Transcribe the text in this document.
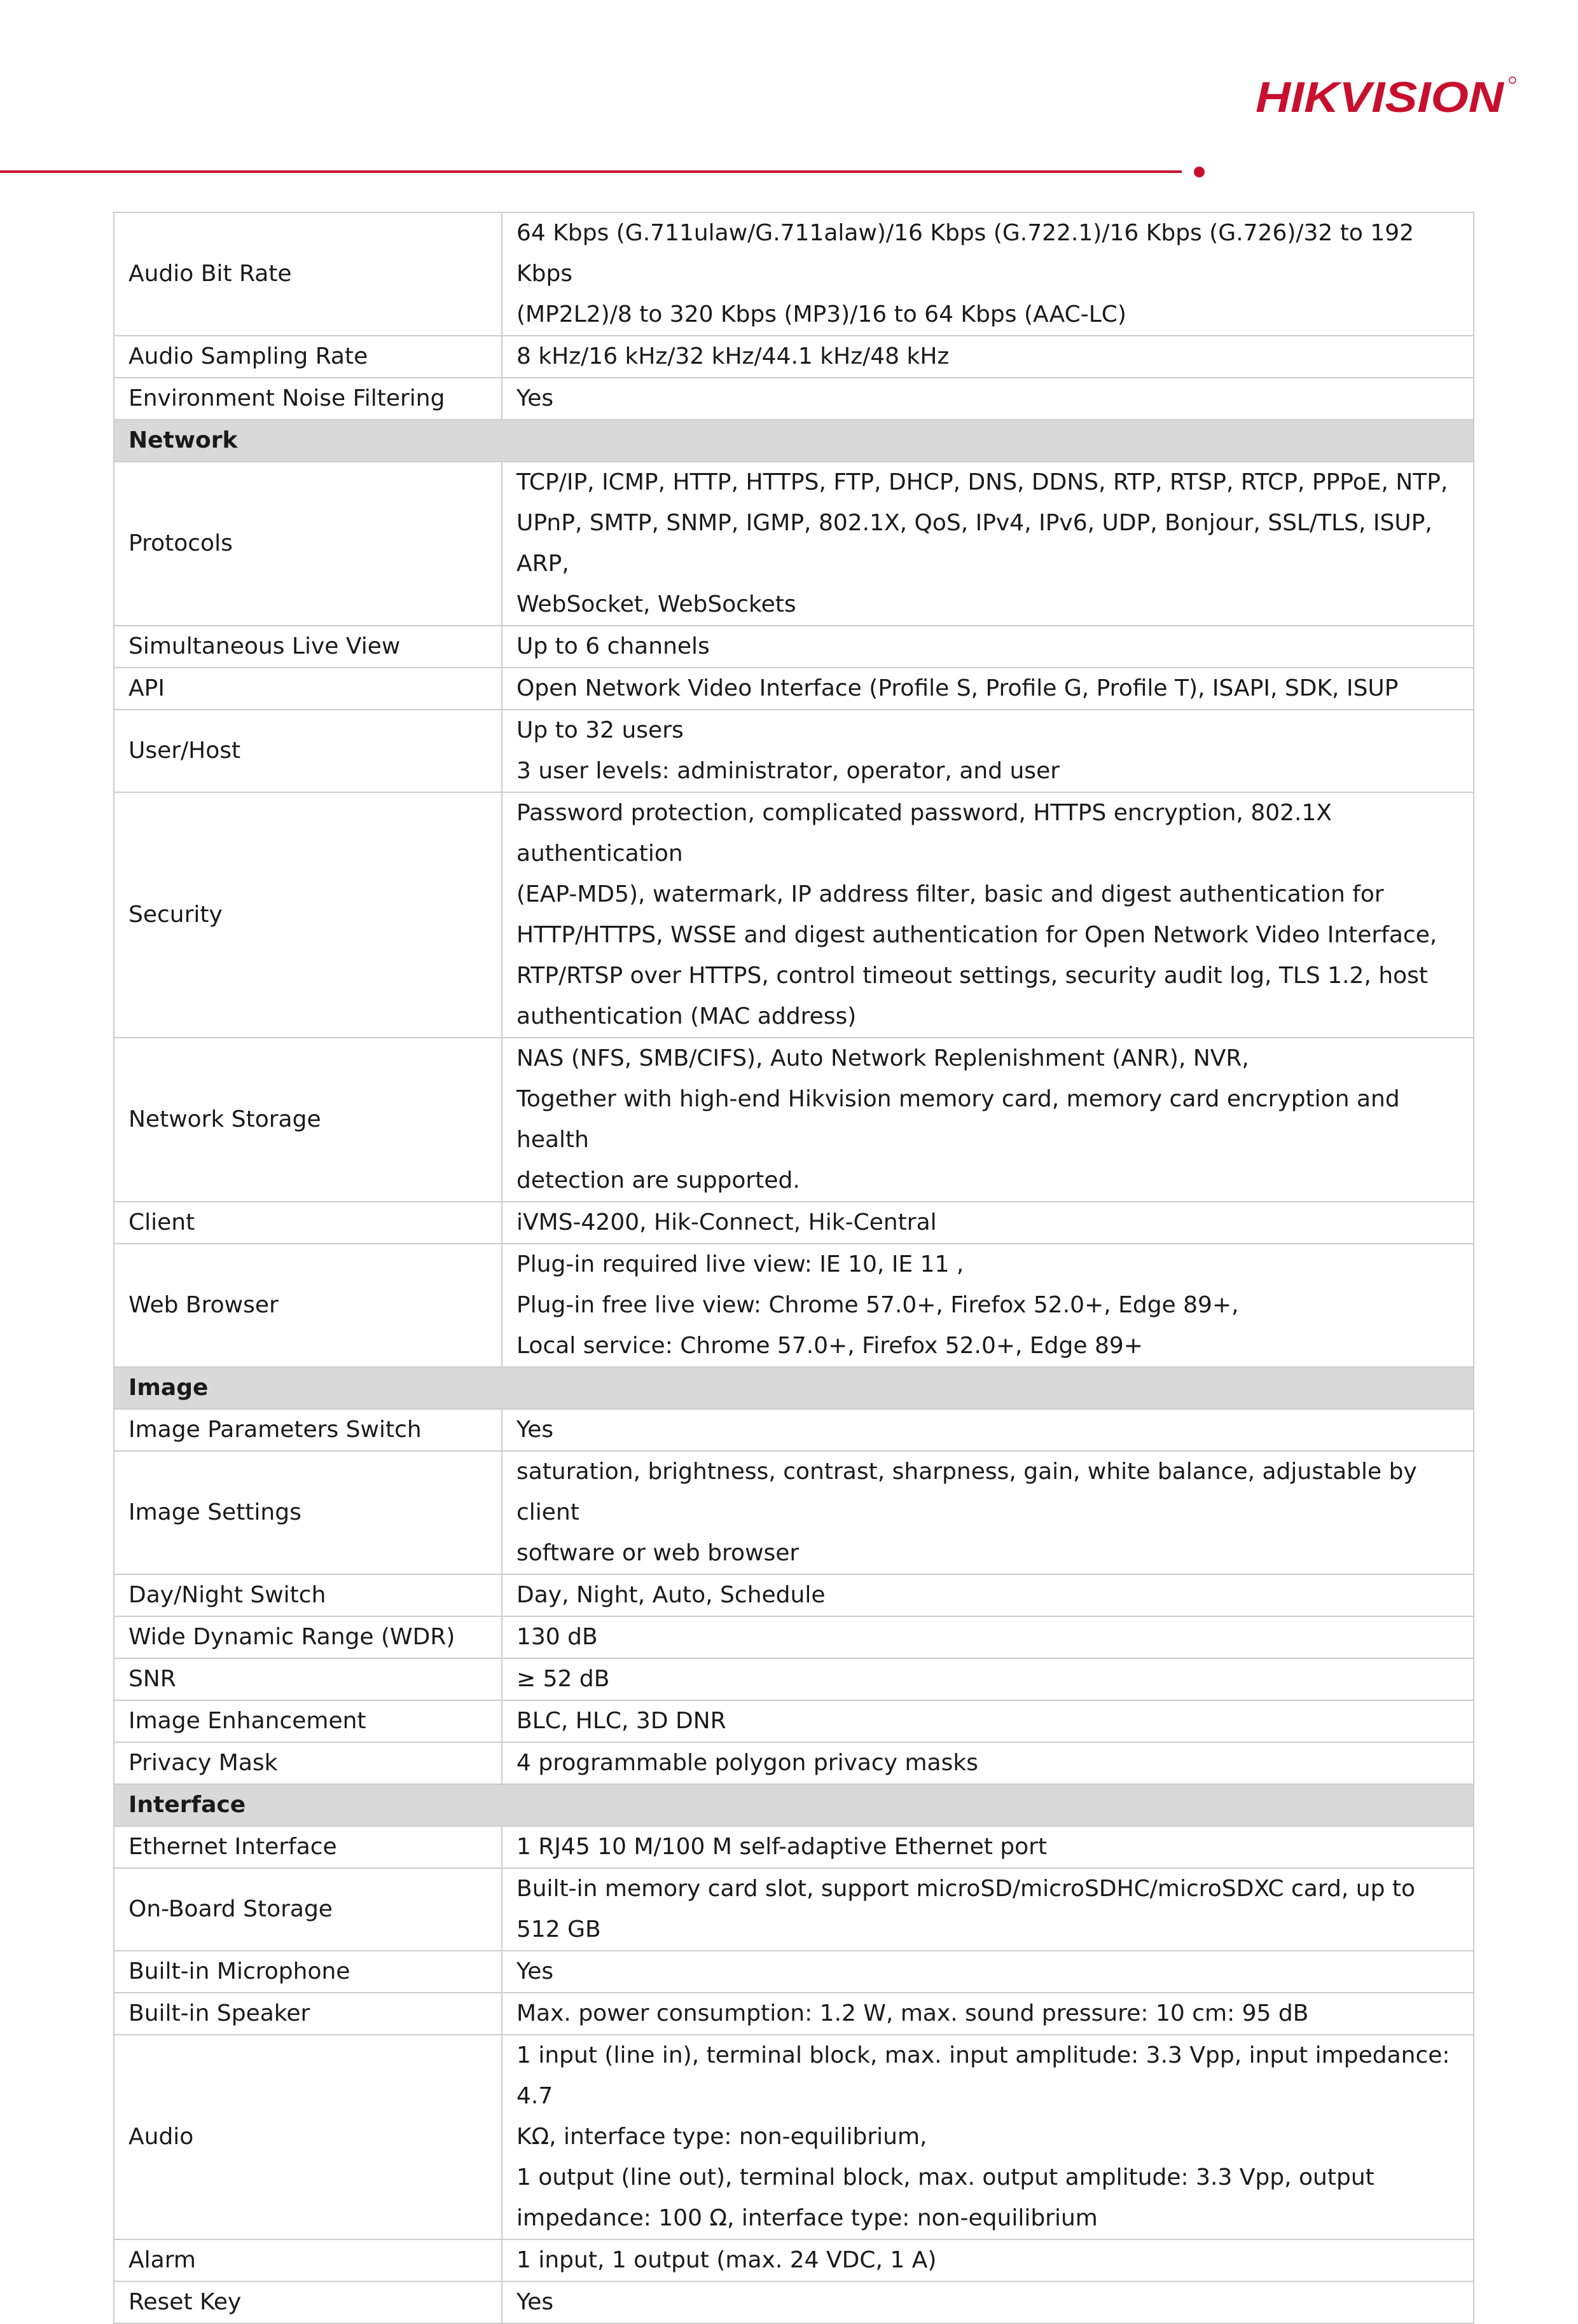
HIKVISION
Audio Bit Rate	64 Kbps (G.711ulaw/G.711alaw)/16 Kbps (G.722.1)/16 Kbps (G.726)/32 to 192 Kbps
(MP2L2)/8 to 320 Kbps (MP3)/16 to 64 Kbps (AAC-LC)

Audio Sampling Rate	8 kHz/16 kHz/32 kHz/44.1 kHz/48 kHz

Environment Noise Filtering	Yes

Network	
Protocols	TCP/IP, ICMP, HTTP, HTTPS, FTP, DHCP, DNS, DDNS, RTP, RTSP, RTCP, PPPoE, NTP,
UPnP, SMTP, SNMP, IGMP, 802.1X, QoS, IPv4, IPv6, UDP, Bonjour, SSL/TLS, ISUP, ARP,
WebSocket, WebSockets

Simultaneous Live View	Up to 6 channels

API	Open Network Video Interface (Profile S, Profile G, Profile T), ISAPI, SDK, ISUP

User/Host	Up to 32 users
3 user levels: administrator, operator, and user

Security	Password protection, complicated password, HTTPS encryption, 802.1X authentication
(EAP-MD5), watermark, IP address filter, basic and digest authentication for
HTTP/HTTPS, WSSE and digest authentication for Open Network Video Interface,
RTP/RTSP over HTTPS, control timeout settings, security audit log, TLS 1.2, host
authentication (MAC address)

Network Storage	NAS (NFS, SMB/CIFS), Auto Network Replenishment (ANR), NVR,
Together with high-end Hikvision memory card, memory card encryption and health
detection are supported.

Client	iVMS-4200, Hik-Connect, Hik-Central

Web Browser	Plug-in required live view: IE 10, IE 11 ,
Plug-in free live view: Chrome 57.0+, Firefox 52.0+, Edge 89+,
Local service: Chrome 57.0+, Firefox 52.0+, Edge 89+

Image	
Image Parameters Switch	Yes

Image Settings	saturation, brightness, contrast, sharpness, gain, white balance, adjustable by client
software or web browser

Day/Night Switch	Day, Night, Auto, Schedule

Wide Dynamic Range (WDR)	130 dB

SNR	≥ 52 dB

Image Enhancement	BLC, HLC, 3D DNR

Privacy Mask	4 programmable polygon privacy masks

Interface	
Ethernet Interface	1 RJ45 10 M/100 M self-adaptive Ethernet port

On-Board Storage	Built-in memory card slot, support microSD/microSDHC/microSDXC card, up to 512 GB

Built-in Microphone	Yes

Built-in Speaker	Max. power consumption: 1.2 W, max. sound pressure: 10 cm: 95 dB

Audio	1 input (line in), terminal block, max. input amplitude: 3.3 Vpp, input impedance: 4.7
KΩ, interface type: non-equilibrium,
1 output (line out), terminal block, max. output amplitude: 3.3 Vpp, output
impedance: 100 Ω, interface type: non-equilibrium

Alarm	1 input, 1 output (max. 24 VDC, 1 A)

Reset Key	Yes
